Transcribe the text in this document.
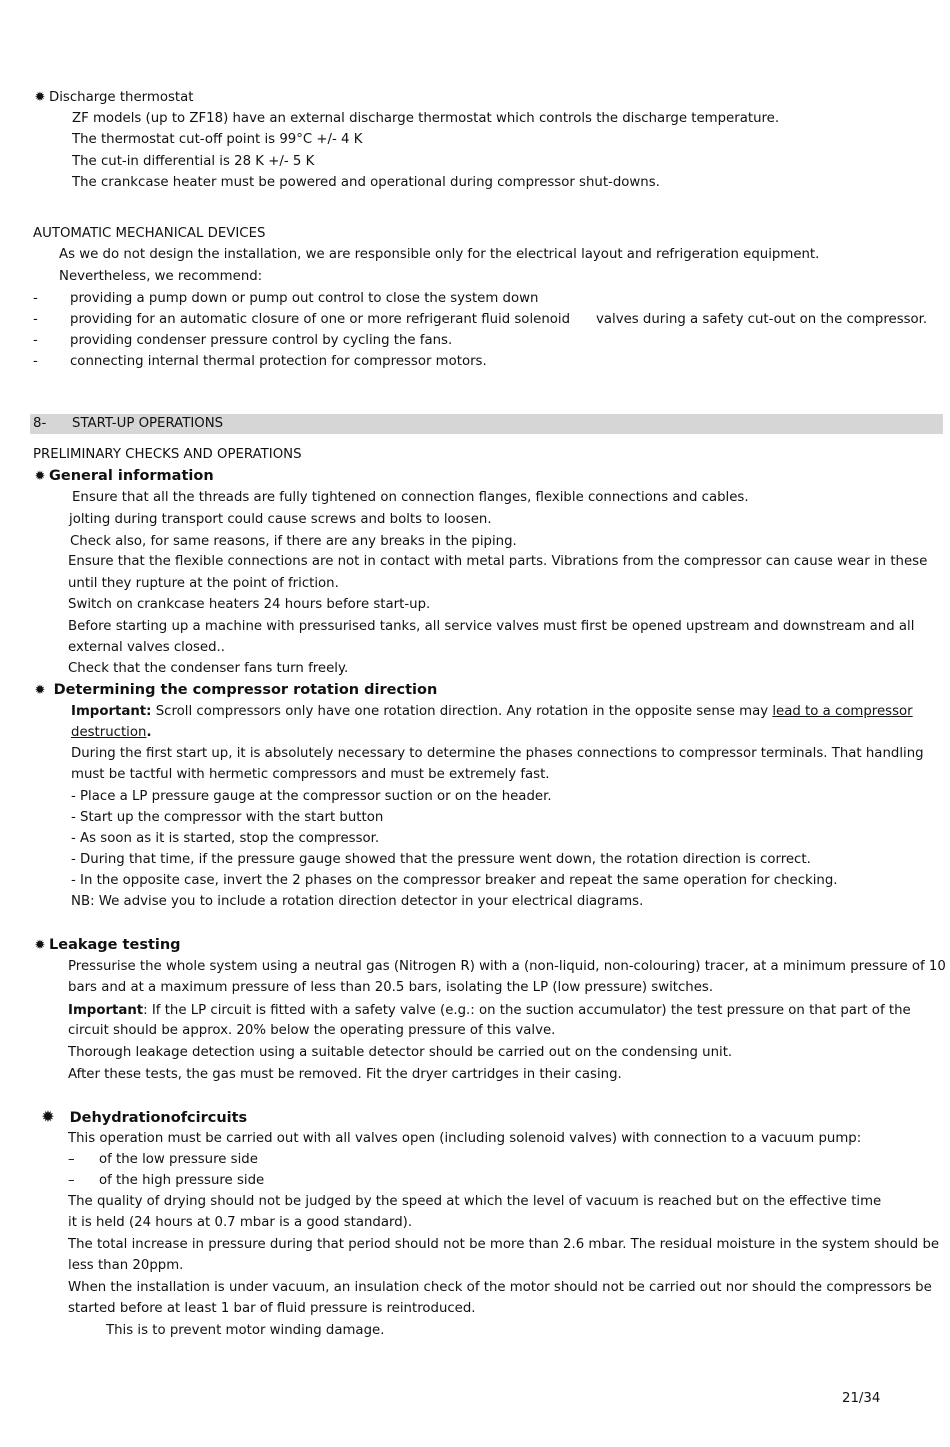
✹ Discharge thermostat
ZF models (up to ZF18) have an external discharge thermostat which controls the discharge temperature.
The thermostat cut-off point is 99°C +/- 4 K
The cut-in differential is 28 K +/- 5 K
The crankcase heater must be powered and operational during compressor shut-downs.
AUTOMATIC MECHANICAL DEVICES
As we do not design the installation, we are responsible only for the electrical layout and refrigeration equipment.
Nevertheless, we recommend:
- providing a pump down or pump out control to close the system down
- providing for an automatic closure of one or more refrigerant fluid solenoid valves during a safety cut-out on the compressor.
- providing condenser pressure control by cycling the fans.
- connecting internal thermal protection for compressor motors.
8- START-UP OPERATIONS
PRELIMINARY CHECKS AND OPERATIONS
✹ General information
Ensure that all the threads are fully tightened on connection flanges, flexible connections and cables.
jolting during transport could cause screws and bolts to loosen.
Check also, for same reasons, if there are any breaks in the piping.
Ensure that the flexible connections are not in contact with metal parts. Vibrations from the compressor can cause wear in these
until they rupture at the point of friction.
Switch on crankcase heaters 24 hours before start-up.
Before starting up a machine with pressurised tanks, all service valves must first be opened upstream and downstream and all
external valves closed..
Check that the condenser fans turn freely.
✹ Determining the compressor rotation direction
Important: Scroll compressors only have one rotation direction. Any rotation in the opposite sense may lead to a compressor
destruction.
During the first start up, it is absolutely necessary to determine the phases connections to compressor terminals. That handling
must be tactful with hermetic compressors and must be extremely fast.
- Place a LP pressure gauge at the compressor suction or on the header.
- Start up the compressor with the start button
- As soon as it is started, stop the compressor.
- During that time, if the pressure gauge showed that the pressure went down, the rotation direction is correct.
- In the opposite case, invert the 2 phases on the compressor breaker and repeat the same operation for checking.
NB: We advise you to include a rotation direction detector in your electrical diagrams.
✹ Leakage testing
Pressurise the whole system using a neutral gas (Nitrogen R) with a (non-liquid, non-colouring) tracer, at a minimum pressure of 10
bars and at a maximum pressure of less than 20.5 bars, isolating the LP (low pressure) switches.
Important: If the LP circuit is fitted with a safety valve (e.g.: on the suction accumulator) the test pressure on that part of the
circuit should be approx. 20% below the operating pressure of this valve.
Thorough leakage detection using a suitable detector should be carried out on the condensing unit.
After these tests, the gas must be removed. Fit the dryer cartridges in their casing.
✹ Dehydrationofcircuits
This operation must be carried out with all valves open (including solenoid valves) with connection to a vacuum pump:
– of the low pressure side
– of the high pressure side
The quality of drying should not be judged by the speed at which the level of vacuum is reached but on the effective time
it is held (24 hours at 0.7 mbar is a good standard).
The total increase in pressure during that period should not be more than 2.6 mbar. The residual moisture in the system should be
less than 20ppm.
When the installation is under vacuum, an insulation check of the motor should not be carried out nor should the compressors be
started before at least 1 bar of fluid pressure is reintroduced.
This is to prevent motor winding damage.
21/34
